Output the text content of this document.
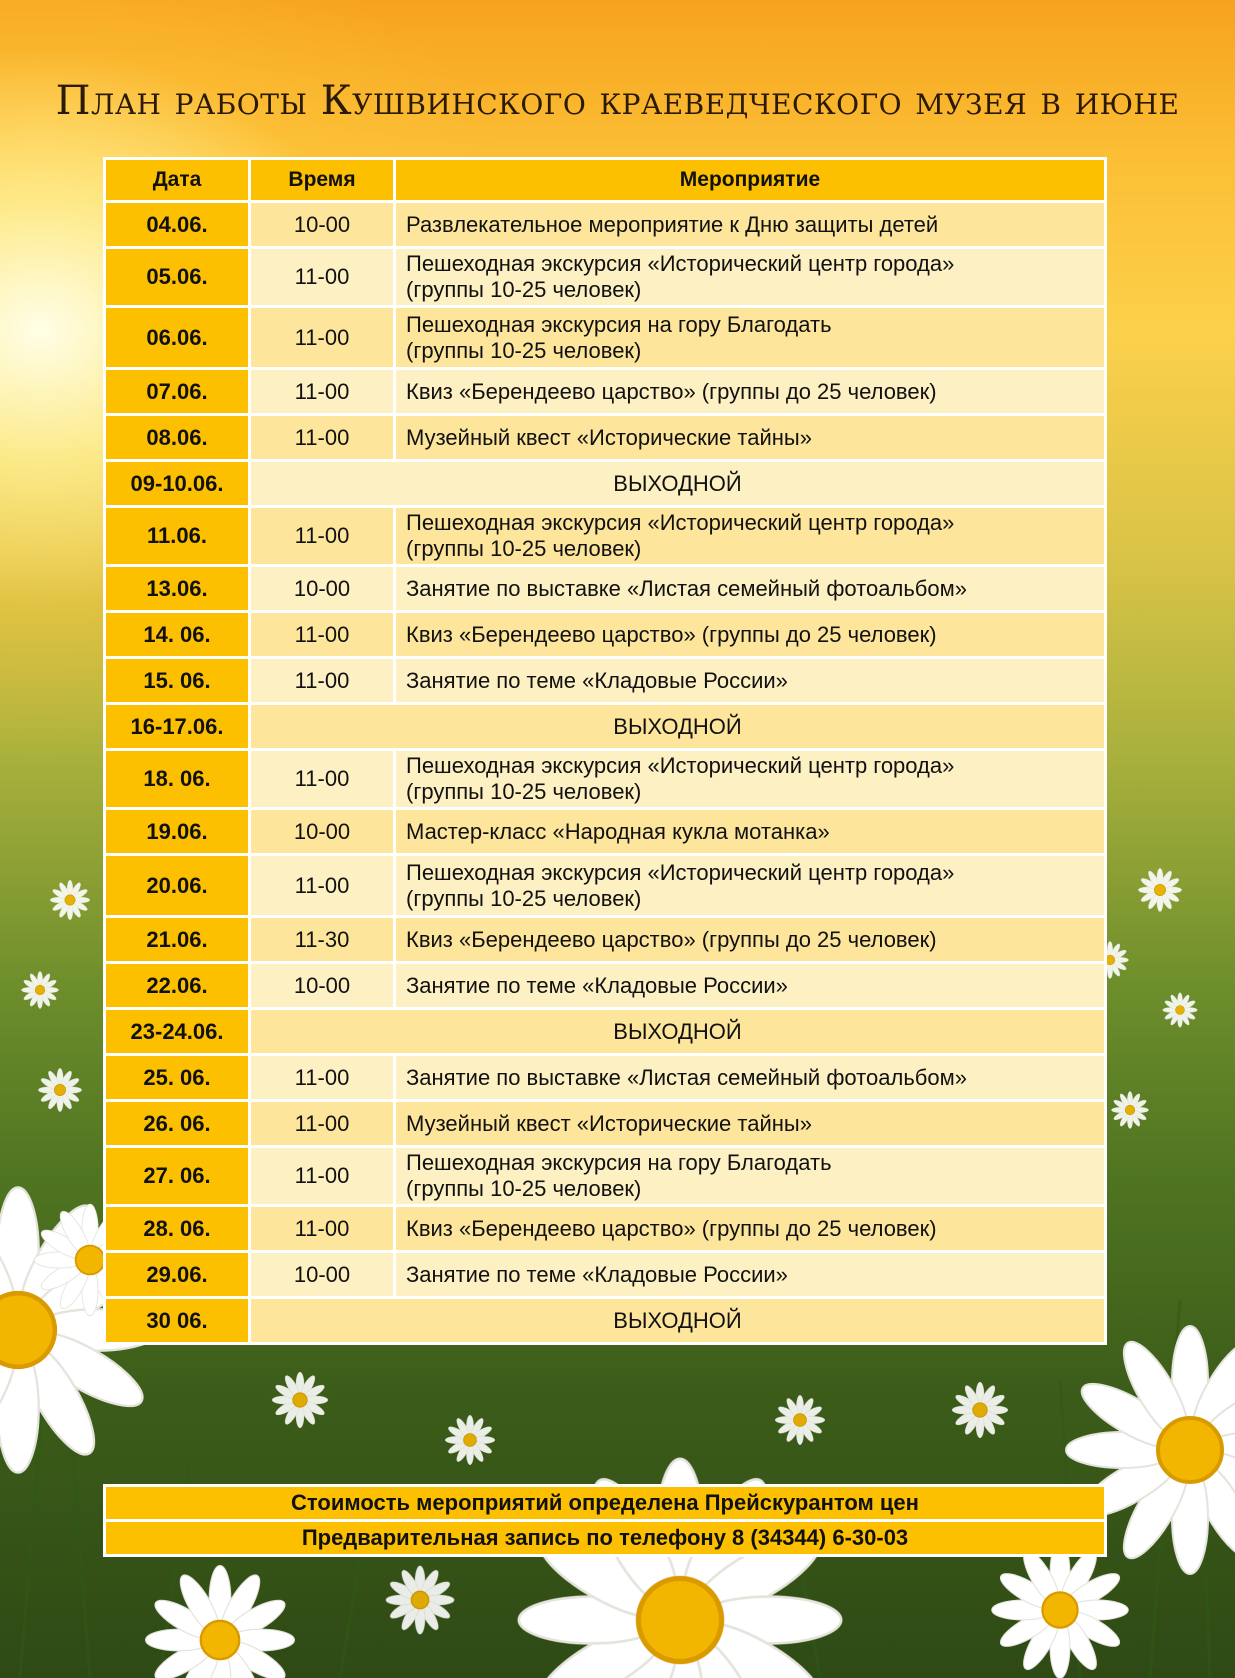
План работы Кушвинского краеведческого музея в июне
Дата	Время	Мероприятие
04.06.	10-00	Развлекательное мероприятие к Дню защиты детей
05.06.	11-00	Пешеходная экскурсия «Исторический центр города»
(группы 10-25 человек)
06.06.	11-00	Пешеходная экскурсия на гору Благодать
(группы 10-25 человек)
07.06.	11-00	Квиз «Берендеево царство» (группы до 25 человек)
08.06.	11-00	Музейный квест «Исторические тайны»
09-10.06.	ВЫХОДНОЙ	
11.06.	11-00	Пешеходная экскурсия «Исторический центр города»
(группы 10-25 человек)
13.06.	10-00	Занятие по выставке «Листая семейный фотоальбом»
14. 06.	11-00	Квиз «Берендеево царство» (группы до 25 человек)
15. 06.	11-00	Занятие по теме «Кладовые России»
16-17.06.	ВЫХОДНОЙ	
18. 06.	11-00	Пешеходная экскурсия «Исторический центр города»
(группы 10-25 человек)
19.06.	10-00	Мастер-класс «Народная кукла мотанка»
20.06.	11-00	Пешеходная экскурсия «Исторический центр города»
(группы 10-25 человек)
21.06.	11-30	Квиз «Берендеево царство» (группы до 25 человек)
22.06.	10-00	Занятие по теме «Кладовые России»
23-24.06.	ВЫХОДНОЙ	
25. 06.	11-00	Занятие по выставке «Листая семейный фотоальбом»
26. 06.	11-00	Музейный квест «Исторические тайны»
27. 06.	11-00	Пешеходная экскурсия на гору Благодать
(группы 10-25 человек)
28. 06.	11-00	Квиз «Берендеево царство» (группы до 25 человек)
29.06.	10-00	Занятие по теме «Кладовые России»
30 06.	ВЫХОДНОЙ	
Стоимость мероприятий определена Прейскурантом цен
Предварительная запись по телефону 8 (34344) 6-30-03
